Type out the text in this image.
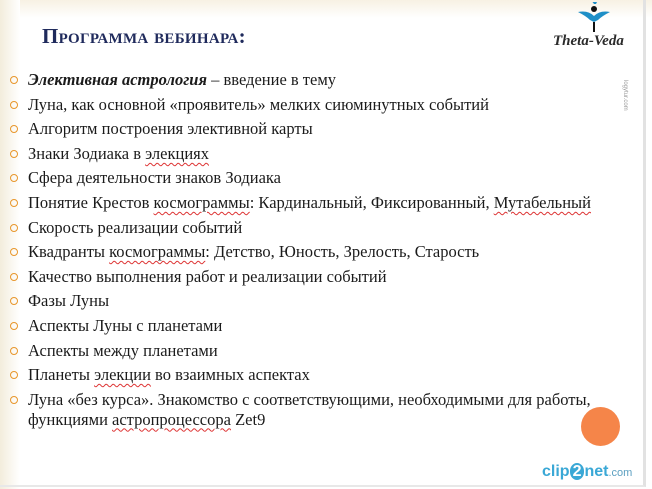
Программа вебинара:	Theta-Veda
logytur.com
Элективная астрология – введение в тему
Луна, как основной «проявитель» мелких сиюминутных событий
Алгоритм построения элективной карты
Знаки Зодиака в элекциях
Сфера деятельности знаков Зодиака
Понятие Крестов космограммы: Кардинальный, Фиксированный, Мутабельный
Скорость реализации событий
Квадранты космограммы: Детство, Юность, Зрелость, Старость
Качество выполнения работ и реализации событий
Фазы Луны
Аспекты Луны с планетами
Аспекты между планетами
Планеты элекции во взаимных аспектах
Луна «без курса». Знакомство с соответствующими, необходимыми для работы, функциями астропроцессора Zet9
clip 2 net.com
